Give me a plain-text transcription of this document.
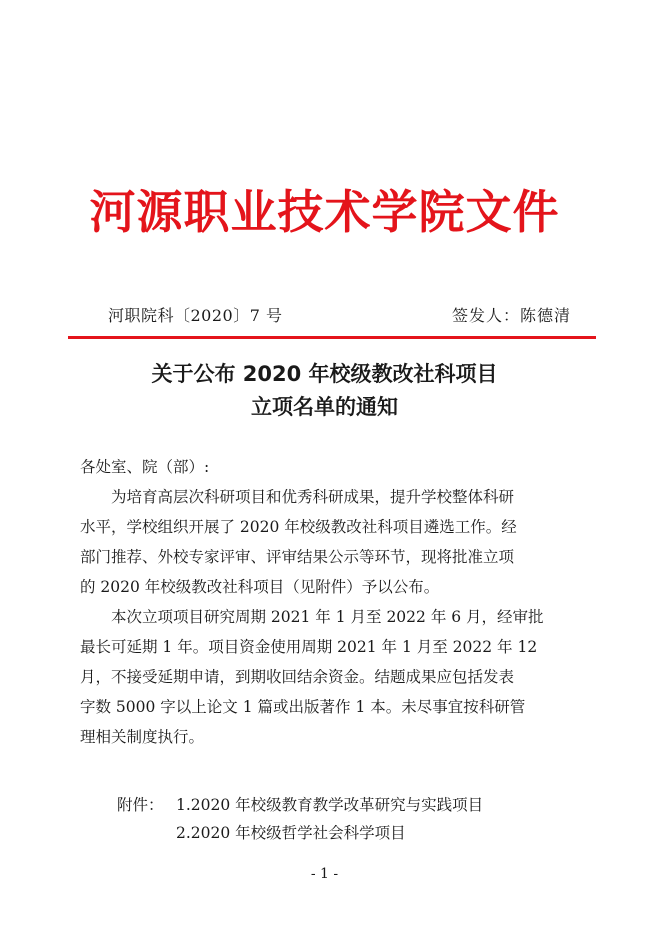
河源职业技术学院文件
河职院科〔2020〕7 号	签发人：陈德清
关于公布 2020 年校级教改社科项目
立项名单的通知
各处室、院（部）:
　　为培育高层次科研项目和优秀科研成果，提升学校整体科研
水平，学校组织开展了 2020 年校级教改社科项目遴选工作。经
部门推荐、外校专家评审、评审结果公示等环节，现将批准立项
的 2020 年校级教改社科项目（见附件）予以公布。
　　本次立项项目研究周期 2021 年 1 月至 2022 年 6 月，经审批
最长可延期 1 年。项目资金使用周期 2021 年 1 月至 2022 年 12
月，不接受延期申请，到期收回结余资金。结题成果应包括发表
字数 5000 字以上论文 1 篇或出版著作 1 本。未尽事宜按科研管
理相关制度执行。
附件： 1.2020 年校级教育教学改革研究与实践项目
2.2020 年校级哲学社会科学项目
- 1 -
